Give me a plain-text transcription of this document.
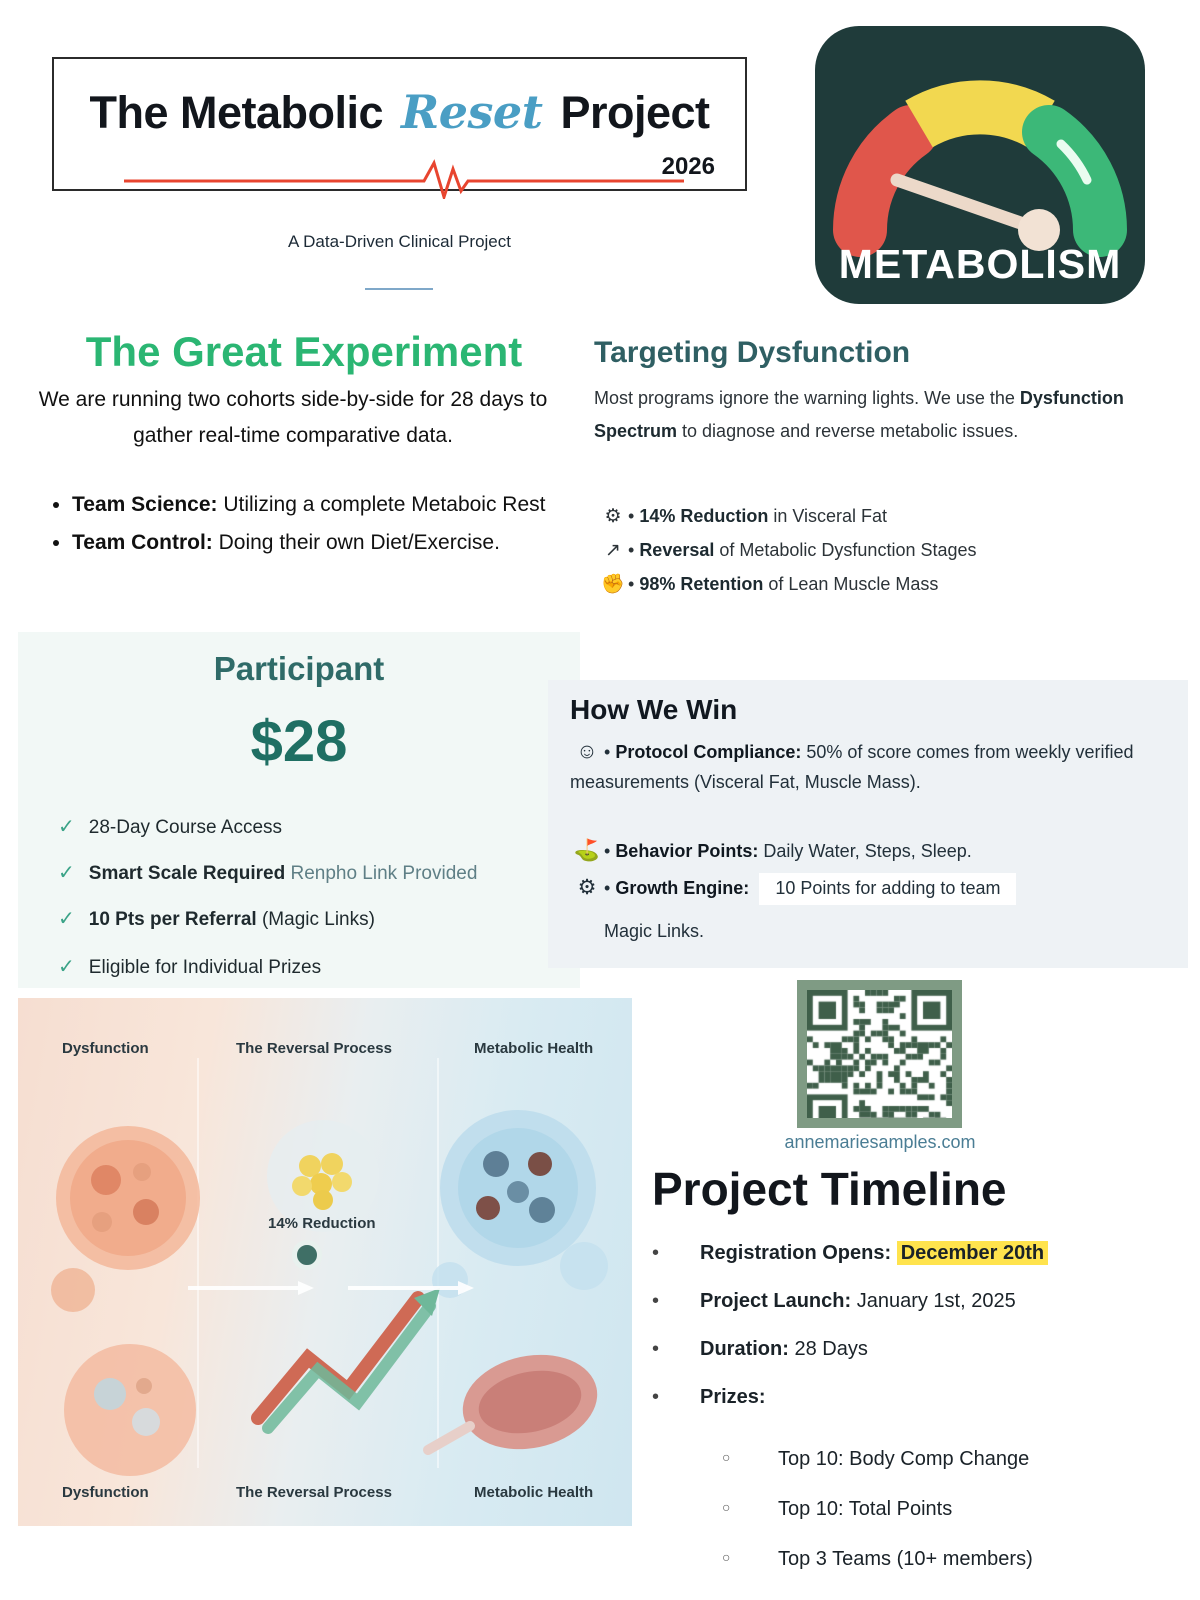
The Metabolic Reset Project
2026
A Data-Driven Clinical Project	METABOLISM
The Great Experiment
We are running two cohorts side-by-side for 28 days to gather real-time comparative data.
• Team Science: Utilizing a complete Metaboic Rest
• Team Control: Doing their own Diet/Exercise.
Targeting Dysfunction
Most programs ignore the warning lights. We use the Dysfunction Spectrum to diagnose and reverse metabolic issues.
⚙ • 14% Reduction in Visceral Fat
↗ • Reversal of Metabolic Dysfunction Stages
✊ • 98% Retention of Lean Muscle Mass
Participant
$28
✓ 28-Day Course Access
✓ Smart Scale Required Renpho Link Provided
✓ 10 Pts per Referral (Magic Links)
✓ Eligible for Individual Prizes
How We Win
☺ • Protocol Compliance: 50% of score comes from weekly verified measurements (Visceral Fat, Muscle Mass).
⛳ • Behavior Points: Daily Water, Steps, Sleep.
⚙ • Growth Engine: 10 Points for adding to team
Magic Links.
Dysfunction	The Reversal Process	Metabolic Health
14% Reduction
Dysfunction	The Reversal Process	Metabolic Health
annemariesamples.com
Project Timeline
• Registration Opens: December 20th
• Project Launch: January 1st, 2025
• Duration: 28 Days
• Prizes:
○ Top 10: Body Comp Change
○ Top 10: Total Points
○ Top 3 Teams (10+ members)
